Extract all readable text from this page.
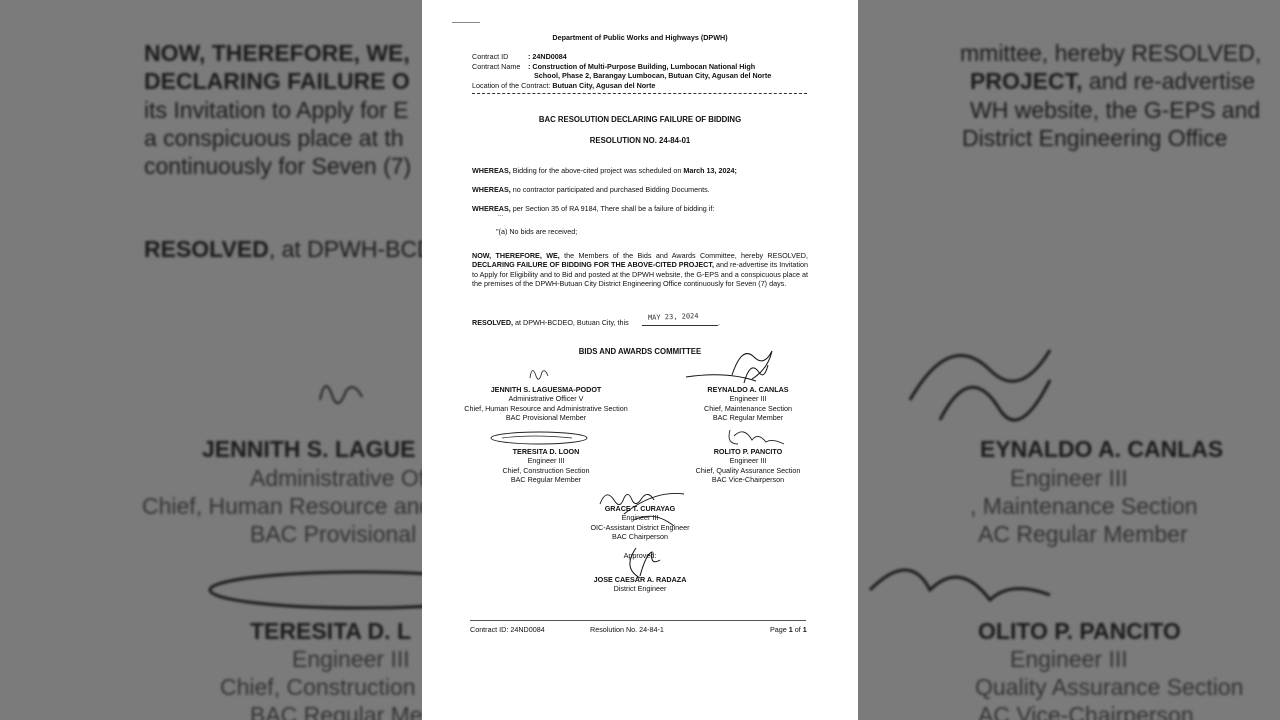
Department of Public Works and Highways (DPWH)
Contract ID	: 24ND0084
Contract Name : Construction of Multi-Purpose Building, Lumbocan National High
School, Phase 2, Barangay Lumbocan, Butuan City, Agusan del Norte
Location of the Contract: Butuan City, Agusan del Norte
BAC RESOLUTION DECLARING FAILURE OF BIDDING
RESOLUTION NO. 24-84-01
WHEREAS, Bidding for the above-cited project was scheduled on March 13, 2024;
WHEREAS, no contractor participated and purchased Bidding Documents.
WHEREAS, per Section 35 of RA 9184, There shall be a failure of bidding if:
...
"(a) No bids are received;
NOW, THEREFORE, WE, the Members of the Bids and Awards Committee, hereby RESOLVED, DECLARING FAILURE OF BIDDING FOR THE ABOVE-CITED PROJECT, and re-advertise its Invitation to Apply for Eligibility and to Bid and posted at the DPWH website, the G-EPS and a conspicuous place at the premises of the DPWH-Butuan City District Engineering Office continuously for Seven (7) days.
RESOLVED, at DPWH-BCDEO, Butuan City, this
MAY 23, 2024
.
BIDS AND AWARDS COMMITTEE
JENNITH S. LAGUESMA-PODOT
Administrative Officer V
Chief, Human Resource and Administrative Section
BAC Provisional Member
REYNALDO A. CANLAS
Engineer III
Chief, Maintenance Section
BAC Regular Member
TERESITA D. LOON
Engineer III
Chief, Construction Section
BAC Regular Member
ROLITO P. PANCITO
Engineer III
Chief, Quality Assurance Section
BAC Vice-Chairperson
GRACE T. CURAYAG
Engineer III
OIC-Assistant District Engineer
BAC Chairperson
Approved:
JOSE CAESAR A. RADAZA
District Engineer
Contract ID: 24ND0084	Resolution No. 24-84-1	Page 1 of 1
